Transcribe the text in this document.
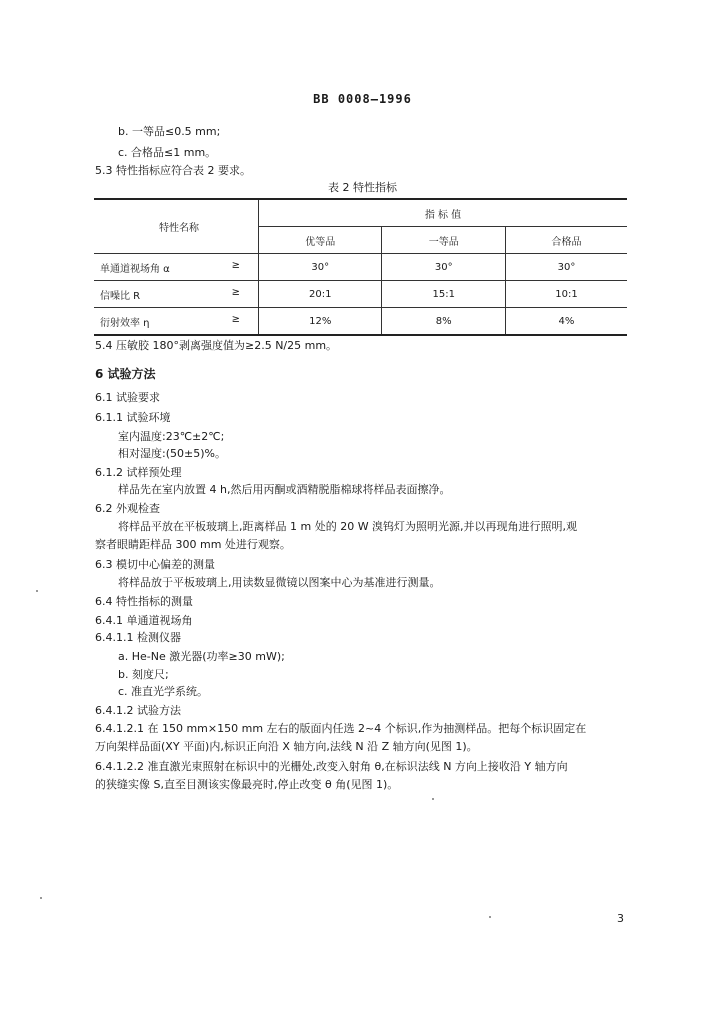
BB 0008—1996
b. 一等品≤0.5 mm;
c. 合格品≤1 mm。
5.3 特性指标应符合表 2 要求。
表 2 特性指标
特性名称	指 标 值		
	优等品	一等品	合格品
单通道视场角 α ≥	30°	30°	30°
信噪比 R ≥	20:1	15:1	10:1
衍射效率 η ≥	12%	8%	4%
5.4 压敏胶 180°剥离强度值为≥2.5 N/25 mm。
6 试验方法
6.1 试验要求
6.1.1 试验环境
室内温度:23℃±2℃;
相对湿度:(50±5)%。
6.1.2 试样预处理
样品先在室内放置 4 h,然后用丙酮或酒精脱脂棉球将样品表面擦净。
6.2 外观检查
将样品平放在平板玻璃上,距离样品 1 m 处的 20 W 溴钨灯为照明光源,并以再现角进行照明,观
察者眼睛距样品 300 mm 处进行观察。
6.3 模切中心偏差的测量
将样品放于平板玻璃上,用读数显微镜以图案中心为基准进行测量。
6.4 特性指标的测量
6.4.1 单通道视场角
6.4.1.1 检测仪器
a. He-Ne 激光器(功率≥30 mW);
b. 刻度尺;
c. 准直光学系统。
6.4.1.2 试验方法
6.4.1.2.1 在 150 mm×150 mm 左右的版面内任选 2~4 个标识,作为抽测样品。把每个标识固定在
万向架样品面(XY 平面)内,标识正向沿 X 轴方向,法线 N 沿 Z 轴方向(见图 1)。
6.4.1.2.2 准直激光束照射在标识中的光栅处,改变入射角 θ,在标识法线 N 方向上接收沿 Y 轴方向
的狭缝实像 S,直至目测该实像最亮时,停止改变 θ 角(见图 1)。
3
